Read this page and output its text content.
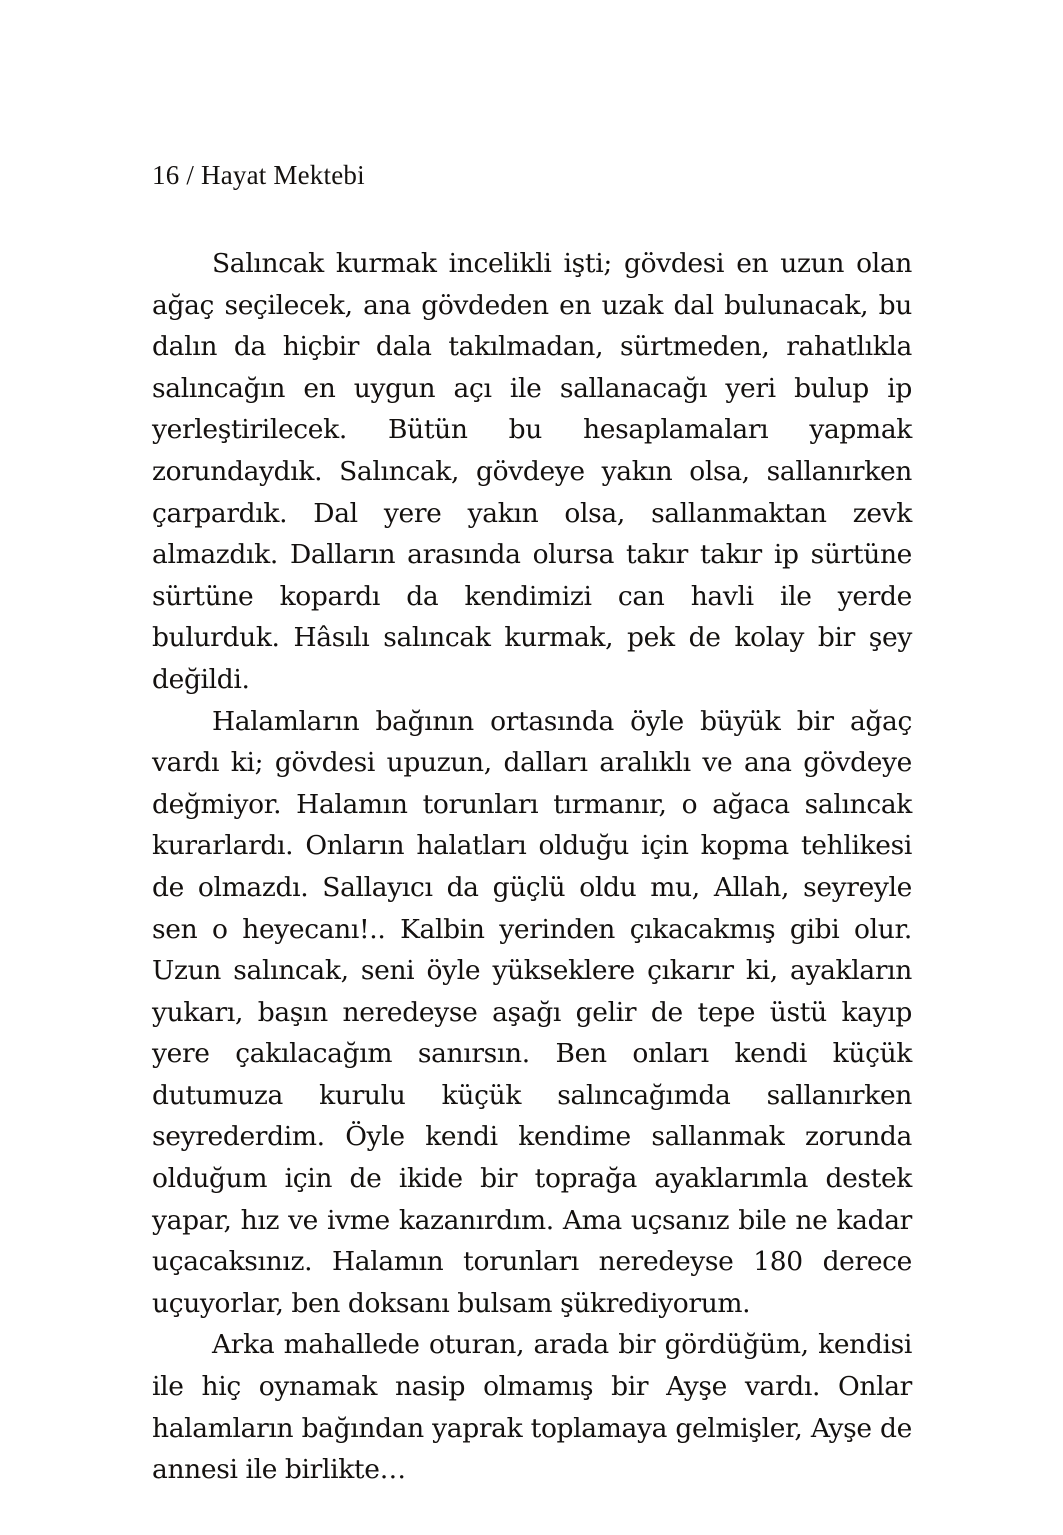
16 / Hayat Mektebi

Salıncak kurmak incelikli işti; gövdesi en uzun olan ağaç seçilecek, ana gövdeden en uzak dal bulunacak, bu dalın da hiçbir dala takılmadan, sürtmeden, rahatlıkla salıncağın en uygun açı ile sallanacağı yeri bulup ip yerleştirilecek. Bütün bu hesaplamaları yapmak zorundaydık. Salıncak, gövdeye yakın olsa, sallanırken çarpardık. Dal yere yakın olsa, sallanmaktan zevk almazdık. Dalların arasında olursa takır takır ip sürtüne sürtüne kopardı da kendimizi can havli ile yerde bulurduk. Hâsılı salıncak kurmak, pek de kolay bir şey değildi.

Halamların bağının ortasında öyle büyük bir ağaç vardı ki; gövdesi upuzun, dalları aralıklı ve ana gövdeye değmiyor. Halamın torunları tırmanır, o ağaca salıncak kurarlardı. Onların halatları olduğu için kopma tehlikesi de olmazdı. Sallayıcı da güçlü oldu mu, Allah, seyreyle sen o heyecanı!.. Kalbin yerinden çıkacakmış gibi olur. Uzun salıncak, seni öyle yükseklere çıkarır ki, ayakların yukarı, başın neredeyse aşağı gelir de tepe üstü kayıp yere çakılacağım sanırsın. Ben onları kendi küçük dutumuza kurulu küçük salıncağımda sallanırken seyrederdim. Öyle kendi kendime sallanmak zorunda olduğum için de ikide bir toprağa ayaklarımla destek yapar, hız ve ivme kazanırdım. Ama uçsanız bile ne kadar uçacaksınız. Halamın torunları neredeyse 180 derece uçuyorlar, ben doksanı bulsam şükrediyorum.

Arka mahallede oturan, arada bir gördüğüm, kendisi ile hiç oynamak nasip olmamış bir Ayşe vardı. Onlar halamların bağından yaprak toplamaya gelmişler, Ayşe de annesi ile birlikte…
